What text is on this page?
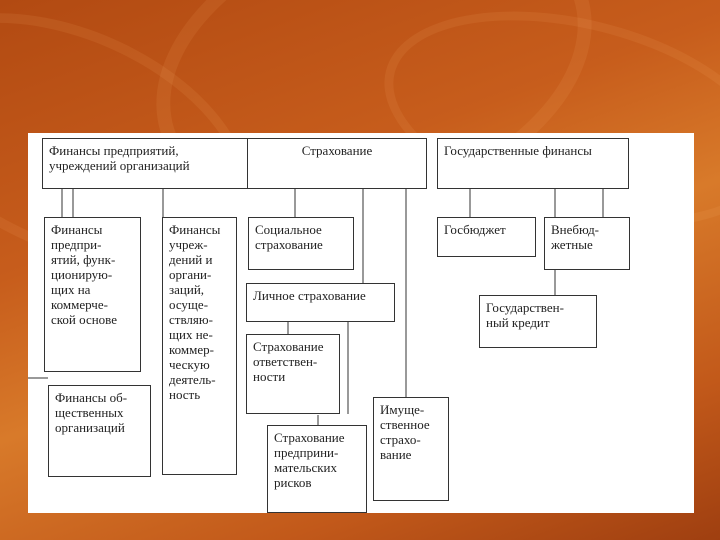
Финансы предприятий,
учреждений организаций
Страхование	Государственные финансы
Финансы
предпри-
ятий, функ-
ционирую-
щих на
коммерче-
ской основе
Финансы
учреж-
дений и
органи-
заций,
осуще-
ствляю-
щих не-
коммер-
ческую
деятель-
ность
Финансы об-
щественных
организаций
Социальное
страхование
Личное страхование
Страхование
ответствен-
ности
Страхование
предприни-
мательских
рисков
Имуще-
ственное
страхо-
вание
Госбюджет	Внебюд-
жетные
Государствен-
ный кредит
